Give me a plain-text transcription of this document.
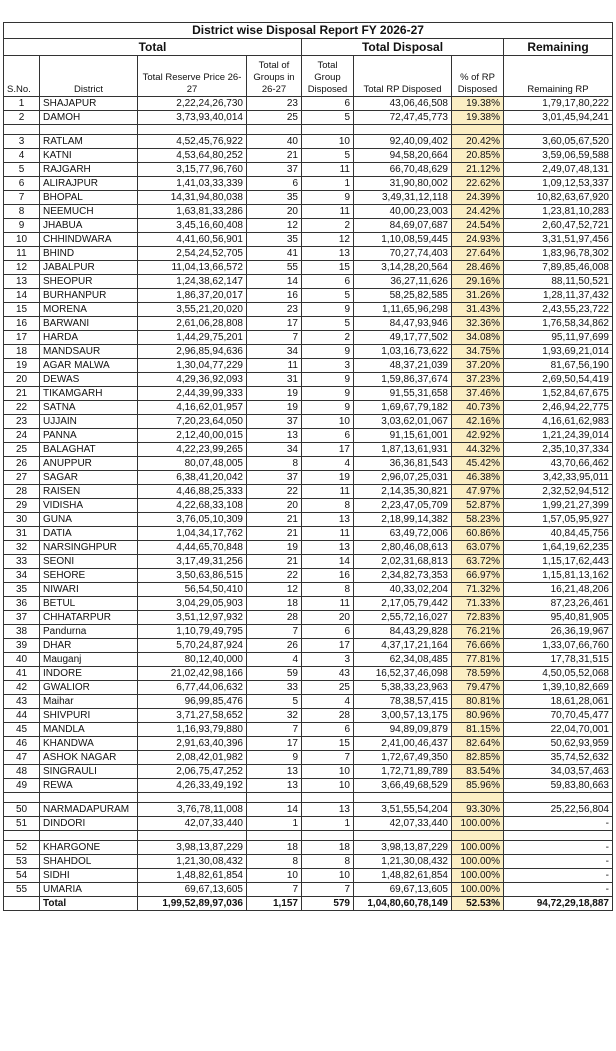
District wise Disposal Report FY 2026-27							
Total				Total Disposal			Remaining
S.No.	District	Total Reserve Price 26-27	Total of Groups in 26-27	Total Group Disposed	Total RP Disposed	% of RP Disposed	Remaining RP
1	SHAJAPUR	2,22,24,26,730	23	6	43,06,46,508	19.38%	1,79,17,80,222
2	DAMOH	3,73,93,40,014	25	5	72,47,45,773	19.38%	3,01,45,94,241

3	RATLAM	4,52,45,76,922	40	10	92,40,09,402	20.42%	3,60,05,67,520
4	KATNI	4,53,64,80,252	21	5	94,58,20,664	20.85%	3,59,06,59,588
5	RAJGARH	3,15,77,96,760	37	11	66,70,48,629	21.12%	2,49,07,48,131
6	ALIRAJPUR	1,41,03,33,339	6	1	31,90,80,002	22.62%	1,09,12,53,337
7	BHOPAL	14,31,94,80,038	35	9	3,49,31,12,118	24.39%	10,82,63,67,920
8	NEEMUCH	1,63,81,33,286	20	11	40,00,23,003	24.42%	1,23,81,10,283
9	JHABUA	3,45,16,60,408	12	2	84,69,07,687	24.54%	2,60,47,52,721
10	CHHINDWARA	4,41,60,56,901	35	12	1,10,08,59,445	24.93%	3,31,51,97,456
11	BHIND	2,54,24,52,705	41	13	70,27,74,403	27.64%	1,83,96,78,302
12	JABALPUR	11,04,13,66,572	55	15	3,14,28,20,564	28.46%	7,89,85,46,008
13	SHEOPUR	1,24,38,62,147	14	6	36,27,11,626	29.16%	88,11,50,521
14	BURHANPUR	1,86,37,20,017	16	5	58,25,82,585	31.26%	1,28,11,37,432
15	MORENA	3,55,21,20,020	23	9	1,11,65,96,298	31.43%	2,43,55,23,722
16	BARWANI	2,61,06,28,808	17	5	84,47,93,946	32.36%	1,76,58,34,862
17	HARDA	1,44,29,75,201	7	2	49,17,77,502	34.08%	95,11,97,699
18	MANDSAUR	2,96,85,94,636	34	9	1,03,16,73,622	34.75%	1,93,69,21,014
19	AGAR MALWA	1,30,04,77,229	11	3	48,37,21,039	37.20%	81,67,56,190
20	DEWAS	4,29,36,92,093	31	9	1,59,86,37,674	37.23%	2,69,50,54,419
21	TIKAMGARH	2,44,39,99,333	19	9	91,55,31,658	37.46%	1,52,84,67,675
22	SATNA	4,16,62,01,957	19	9	1,69,67,79,182	40.73%	2,46,94,22,775
23	UJJAIN	7,20,23,64,050	37	10	3,03,62,01,067	42.16%	4,16,61,62,983
24	PANNA	2,12,40,00,015	13	6	91,15,61,001	42.92%	1,21,24,39,014
25	BALAGHAT	4,22,23,99,265	34	17	1,87,13,61,931	44.32%	2,35,10,37,334
26	ANUPPUR	80,07,48,005	8	4	36,36,81,543	45.42%	43,70,66,462
27	SAGAR	6,38,41,20,042	37	19	2,96,07,25,031	46.38%	3,42,33,95,011
28	RAISEN	4,46,88,25,333	22	11	2,14,35,30,821	47.97%	2,32,52,94,512
29	VIDISHA	4,22,68,33,108	20	8	2,23,47,05,709	52.87%	1,99,21,27,399
30	GUNA	3,76,05,10,309	21	13	2,18,99,14,382	58.23%	1,57,05,95,927
31	DATIA	1,04,34,17,762	21	11	63,49,72,006	60.86%	40,84,45,756
32	NARSINGHPUR	4,44,65,70,848	19	13	2,80,46,08,613	63.07%	1,64,19,62,235
33	SEONI	3,17,49,31,256	21	14	2,02,31,68,813	63.72%	1,15,17,62,443
34	SEHORE	3,50,63,86,515	22	16	2,34,82,73,353	66.97%	1,15,81,13,162
35	NIWARI	56,54,50,410	12	8	40,33,02,204	71.32%	16,21,48,206
36	BETUL	3,04,29,05,903	18	11	2,17,05,79,442	71.33%	87,23,26,461
37	CHHATARPUR	3,51,12,97,932	28	20	2,55,72,16,027	72.83%	95,40,81,905
38	Pandurna	1,10,79,49,795	7	6	84,43,29,828	76.21%	26,36,19,967
39	DHAR	5,70,24,87,924	26	17	4,37,17,21,164	76.66%	1,33,07,66,760
40	Mauganj	80,12,40,000	4	3	62,34,08,485	77.81%	17,78,31,515
41	INDORE	21,02,42,98,166	59	43	16,52,37,46,098	78.59%	4,50,05,52,068
42	GWALIOR	6,77,44,06,632	33	25	5,38,33,23,963	79.47%	1,39,10,82,669
43	Maihar	96,99,85,476	5	4	78,38,57,415	80.81%	18,61,28,061
44	SHIVPURI	3,71,27,58,652	32	28	3,00,57,13,175	80.96%	70,70,45,477
45	MANDLA	1,16,93,79,880	7	6	94,89,09,879	81.15%	22,04,70,001
46	KHANDWA	2,91,63,40,396	17	15	2,41,00,46,437	82.64%	50,62,93,959
47	ASHOK NAGAR	2,08,42,01,982	9	7	1,72,67,49,350	82.85%	35,74,52,632
48	SINGRAULI	2,06,75,47,252	13	10	1,72,71,89,789	83.54%	34,03,57,463
49	REWA	4,26,33,49,192	13	10	3,66,49,68,529	85.96%	59,83,80,663

50	NARMADAPURAM	3,76,78,11,008	14	13	3,51,55,54,204	93.30%	25,22,56,804
51	DINDORI	42,07,33,440	1	1	42,07,33,440	100.00%	-

52	KHARGONE	3,98,13,87,229	18	18	3,98,13,87,229	100.00%	-
53	SHAHDOL	1,21,30,08,432	8	8	1,21,30,08,432	100.00%	-
54	SIDHI	1,48,82,61,854	10	10	1,48,82,61,854	100.00%	-
55	UMARIA	69,67,13,605	7	7	69,67,13,605	100.00%	-
	Total	1,99,52,89,97,036	1,157	579	1,04,80,60,78,149	52.53%	94,72,29,18,887
